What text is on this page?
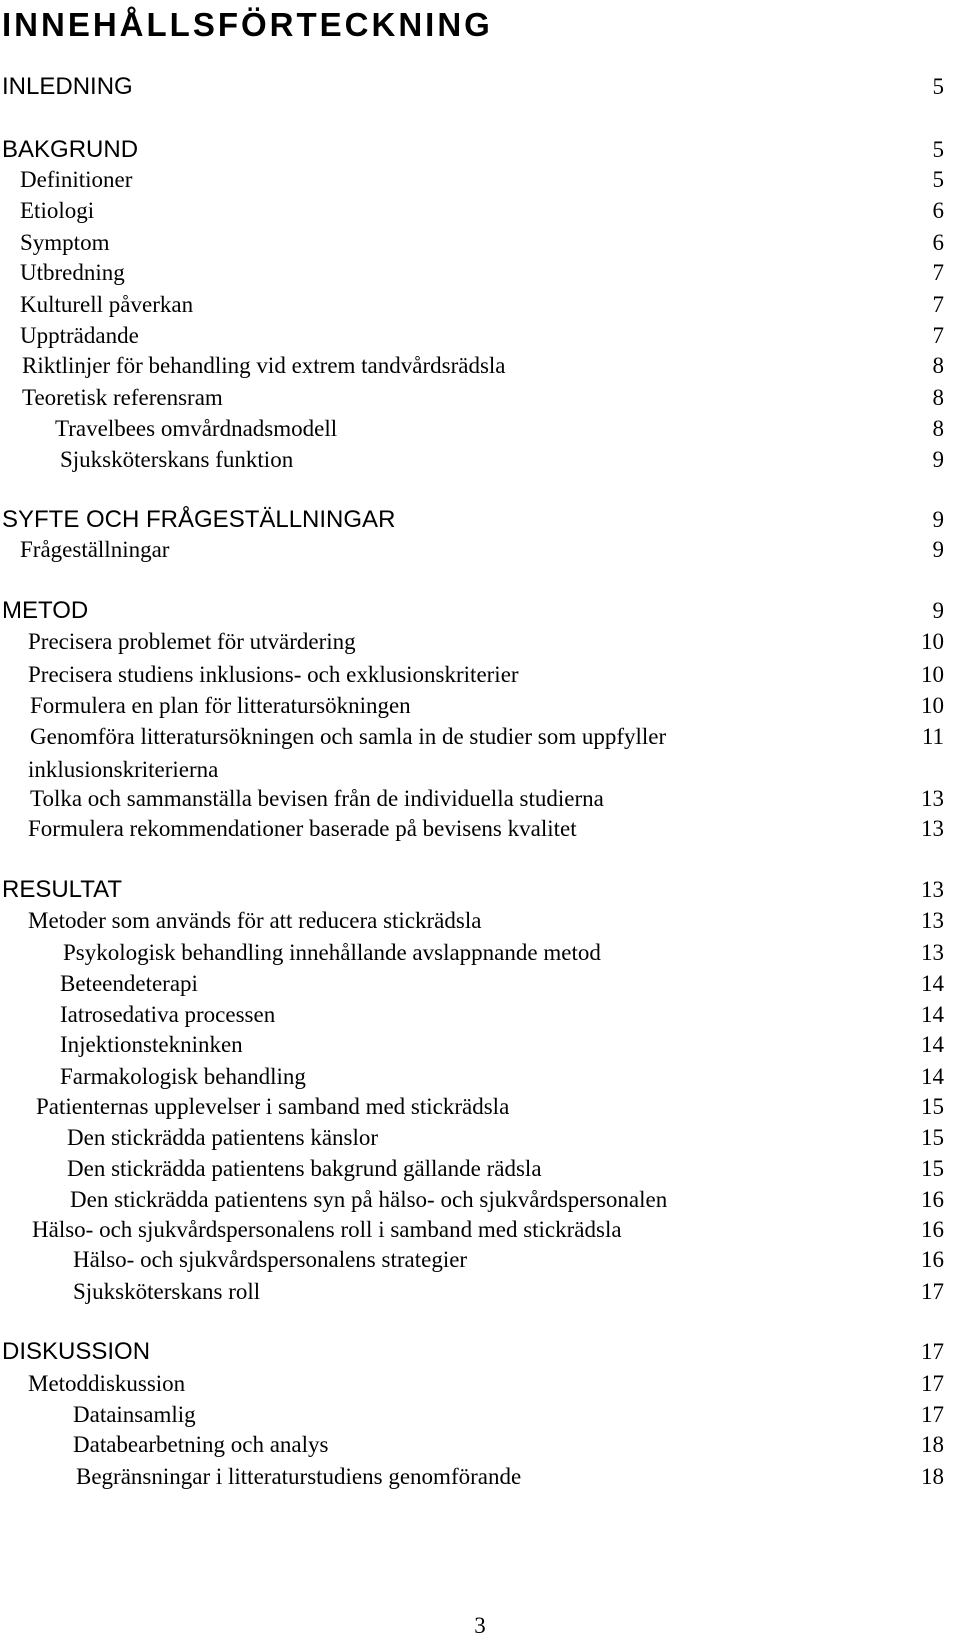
INNEHÅLLSFÖRTECKNING
INLEDNING	5
BAKGRUND	5
Definitioner	5
Etiologi	6
Symptom	6
Utbredning	7
Kulturell påverkan	7
Uppträdande	7
Riktlinjer för behandling vid extrem tandvårdsrädsla	8
Teoretisk referensram	8
Travelbees omvårdnadsmodell	8
Sjuksköterskans funktion	9
SYFTE OCH FRÅGESTÄLLNINGAR	9
Frågeställningar	9
METOD	9
Precisera problemet för utvärdering	10
Precisera studiens inklusions- och exklusionskriterier	10
Formulera en plan för litteratursökningen	10
Genomföra litteratursökningen och samla in de studier som uppfyller	11
inklusionskriterierna
Tolka och sammanställa bevisen från de individuella studierna	13
Formulera rekommendationer baserade på bevisens kvalitet	13
RESULTAT	13
Metoder som används för att reducera stickrädsla	13
Psykologisk behandling innehållande avslappnande metod	13
Beteendeterapi	14
Iatrosedativa processen	14
Injektionstekninken	14
Farmakologisk behandling	14
Patienternas upplevelser i samband med stickrädsla	15
Den stickrädda patientens känslor	15
Den stickrädda patientens bakgrund gällande rädsla	15
Den stickrädda patientens syn på hälso- och sjukvårdspersonalen	16
Hälso- och sjukvårdspersonalens roll i samband med stickrädsla	16
Hälso- och sjukvårdspersonalens strategier	16
Sjuksköterskans roll	17
DISKUSSION	17
Metoddiskussion	17
Datainsamlig	17
Databearbetning och analys	18
Begränsningar i litteraturstudiens genomförande	18
3
